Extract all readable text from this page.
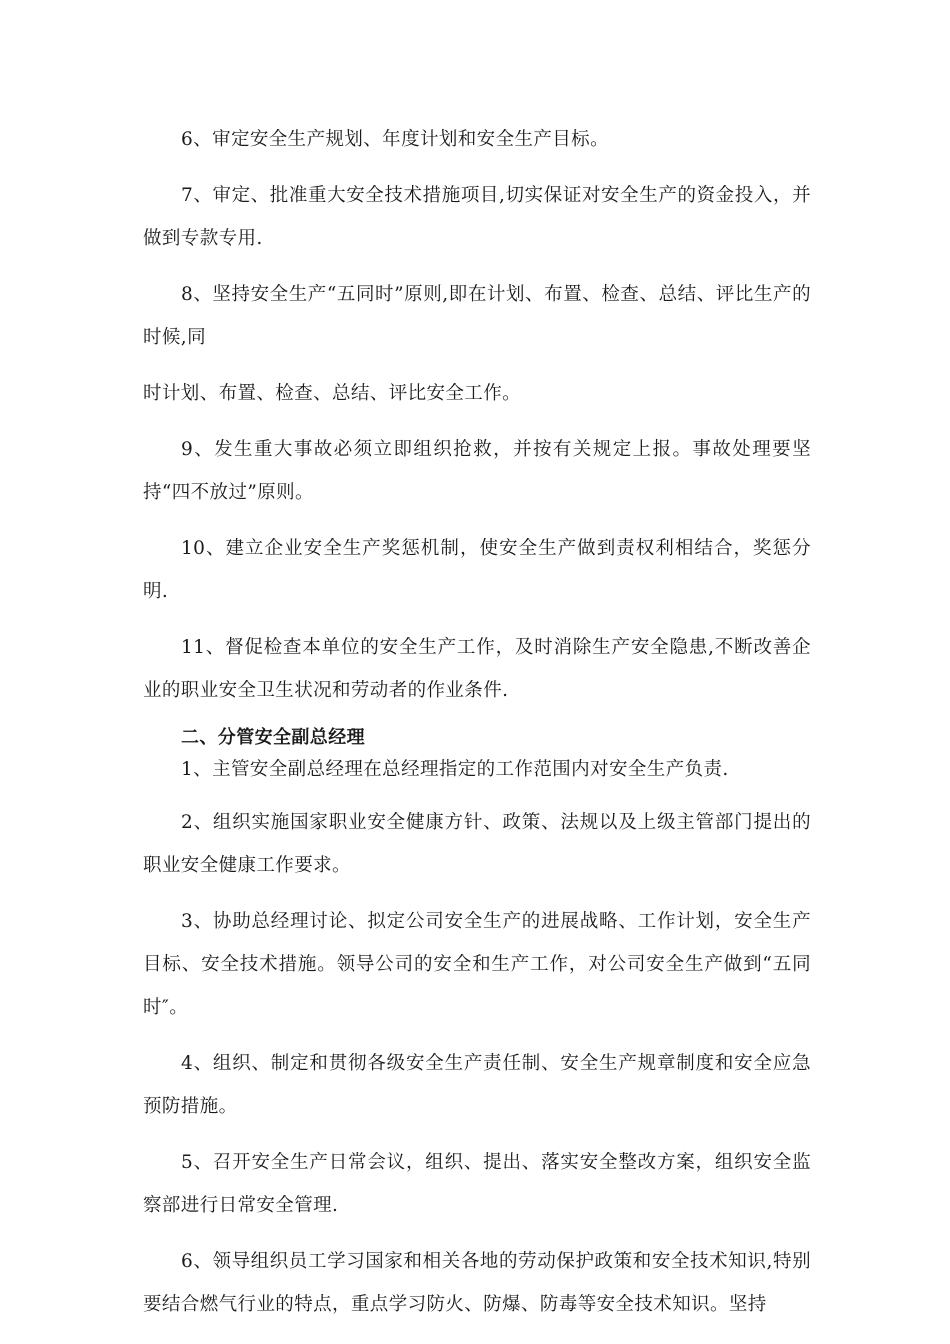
6、审定安全生产规划、年度计划和安全生产目标。

7、审定、批准重大安全技术措施项目,切实保证对安全生产的资金投入，并做到专款专用.

8、坚持安全生产“五同时”原则,即在计划、布置、检查、总结、评比生产的时候,同

时计划、布置、检查、总结、评比安全工作。

9、发生重大事故必须立即组织抢救，并按有关规定上报。事故处理要坚持“四不放过”原则。

10、建立企业安全生产奖惩机制，使安全生产做到责权利相结合，奖惩分明.

11、督促检查本单位的安全生产工作，及时消除生产安全隐患,不断改善企业的职业安全卫生状况和劳动者的作业条件.

二、分管安全副总经理

1、主管安全副总经理在总经理指定的工作范围内对安全生产负责.

2、组织实施国家职业安全健康方针、政策、法规以及上级主管部门提出的职业安全健康工作要求。

3、协助总经理讨论、拟定公司安全生产的进展战略、工作计划，安全生产目标、安全技术措施。领导公司的安全和生产工作，对公司安全生产做到“五同时″。

4、组织、制定和贯彻各级安全生产责任制、安全生产规章制度和安全应急预防措施。

5、召开安全生产日常会议，组织、提出、落实安全整改方案，组织安全监察部进行日常安全管理.

6、领导组织员工学习国家和相关各地的劳动保护政策和安全技术知识,特别要结合燃气行业的特点，重点学习防火、防爆、防毒等安全技术知识。坚持
